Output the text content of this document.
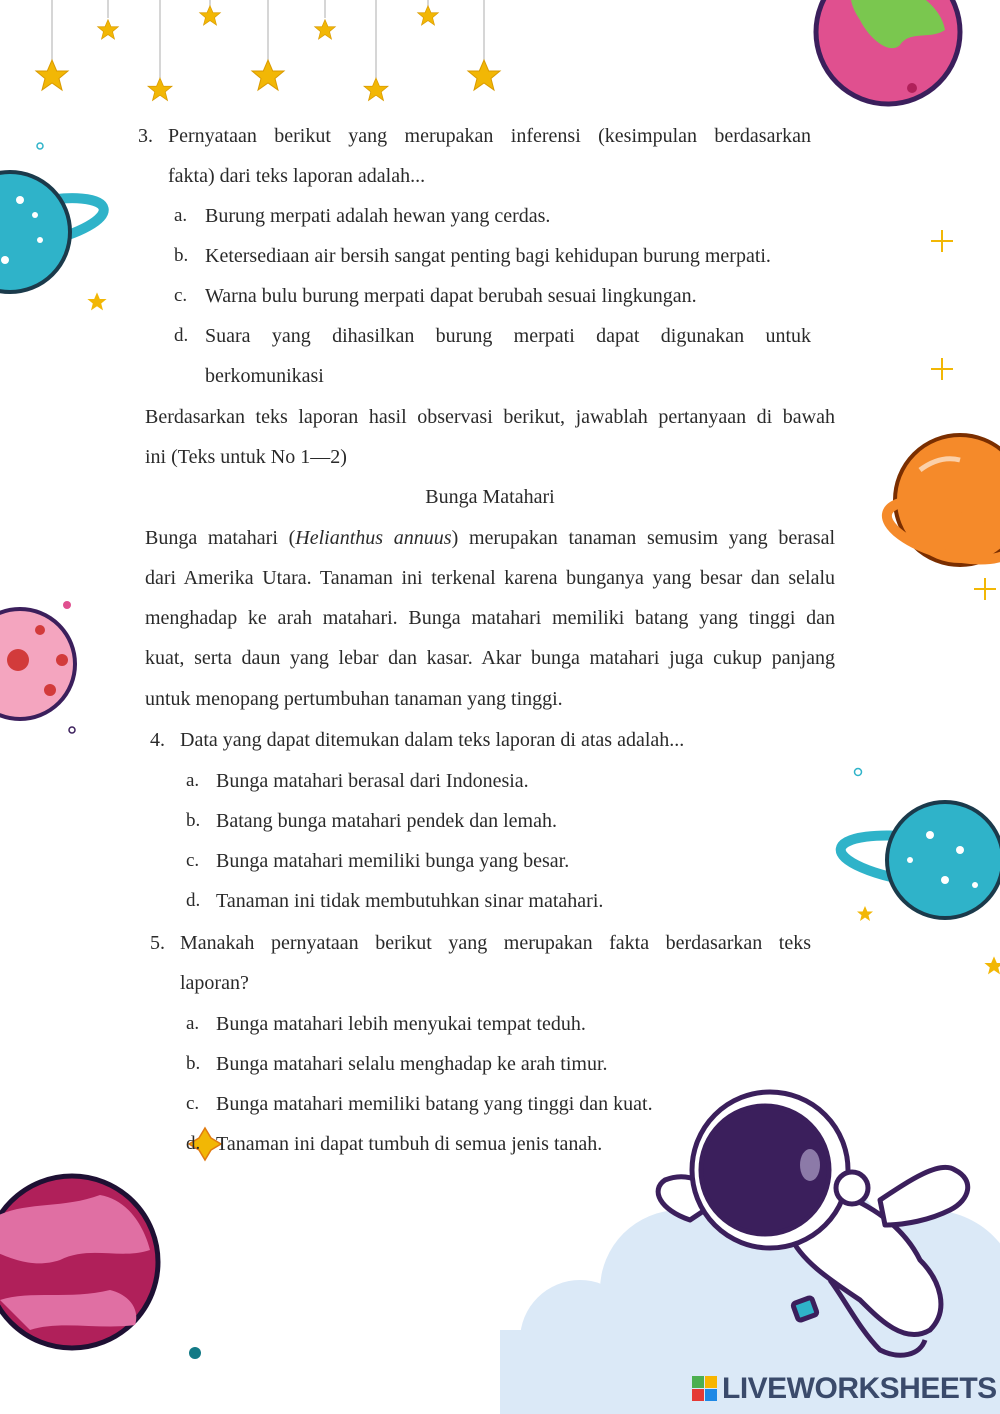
3. Pernyataan berikut yang merupakan inferensi (kesimpulan berdasarkan
fakta) dari teks laporan adalah...
a. Burung merpati adalah hewan yang cerdas.
b. Ketersediaan air bersih sangat penting bagi kehidupan burung merpati.
c. Warna bulu burung merpati dapat berubah sesuai lingkungan.
d. Suara yang dihasilkan burung merpati dapat digunakan untuk
berkomunikasi
Berdasarkan teks laporan hasil observasi berikut, jawablah pertanyaan di bawah
ini (Teks untuk No 1—2)
Bunga Matahari
Bunga matahari (Helianthus annuus) merupakan tanaman semusim yang berasal
dari Amerika Utara. Tanaman ini terkenal karena bunganya yang besar dan selalu
menghadap ke arah matahari. Bunga matahari memiliki batang yang tinggi dan
kuat, serta daun yang lebar dan kasar. Akar bunga matahari juga cukup panjang
untuk menopang pertumbuhan tanaman yang tinggi.
4. Data yang dapat ditemukan dalam teks laporan di atas adalah...
a. Bunga matahari berasal dari Indonesia.
b. Batang bunga matahari pendek dan lemah.
c. Bunga matahari memiliki bunga yang besar.
d. Tanaman ini tidak membutuhkan sinar matahari.
5. Manakah pernyataan berikut yang merupakan fakta berdasarkan teks
laporan?
a. Bunga matahari lebih menyukai tempat teduh.
b. Bunga matahari selalu menghadap ke arah timur.
c. Bunga matahari memiliki batang yang tinggi dan kuat.
d. Tanaman ini dapat tumbuh di semua jenis tanah.
LIVEWORKSHEETS
